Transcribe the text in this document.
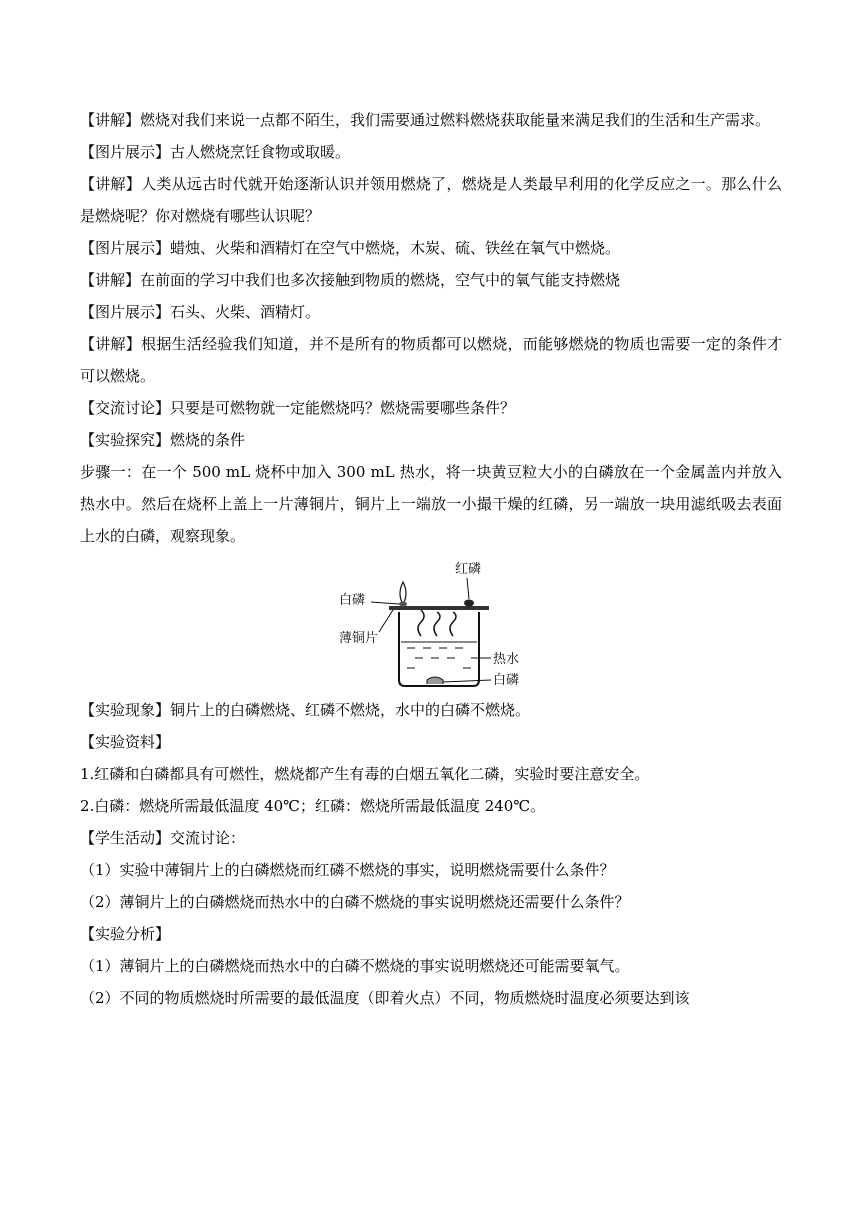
【讲解】燃烧对我们来说一点都不陌生，我们需要通过燃料燃烧获取能量来满足我们的生活和生产需求。

【图片展示】古人燃烧烹饪食物或取暖。

【讲解】人类从远古时代就开始逐渐认识并领用燃烧了，燃烧是人类最早利用的化学反应之一。那么什么是燃烧呢？你对燃烧有哪些认识呢？

【图片展示】蜡烛、火柴和酒精灯在空气中燃烧，木炭、硫、铁丝在氧气中燃烧。

【讲解】在前面的学习中我们也多次接触到物质的燃烧，空气中的氧气能支持燃烧

【图片展示】石头、火柴、酒精灯。

【讲解】根据生活经验我们知道，并不是所有的物质都可以燃烧，而能够燃烧的物质也需要一定的条件才可以燃烧。

【交流讨论】只要是可燃物就一定能燃烧吗？燃烧需要哪些条件？

【实验探究】燃烧的条件

步骤一：在一个 500 mL 烧杯中加入 300 mL 热水，将一块黄豆粒大小的白磷放在一个金属盖内并放入热水中。然后在烧杯上盖上一片薄铜片，铜片上一端放一小撮干燥的红磷，另一端放一块用滤纸吸去表面上水的白磷，观察现象。

红磷
白磷
薄铜片
热水
白磷

【实验现象】铜片上的白磷燃烧、红磷不燃烧，水中的白磷不燃烧。

【实验资料】

1.红磷和白磷都具有可燃性，燃烧都产生有毒的白烟五氧化二磷，实验时要注意安全。

2.白磷：燃烧所需最低温度 40℃；红磷：燃烧所需最低温度 240℃。

【学生活动】交流讨论：

（1）实验中薄铜片上的白磷燃烧而红磷不燃烧的事实，说明燃烧需要什么条件？

（2）薄铜片上的白磷燃烧而热水中的白磷不燃烧的事实说明燃烧还需要什么条件？

【实验分析】

（1）薄铜片上的白磷燃烧而热水中的白磷不燃烧的事实说明燃烧还可能需要氧气。

（2）不同的物质燃烧时所需要的最低温度（即着火点）不同，物质燃烧时温度必须要达到该
